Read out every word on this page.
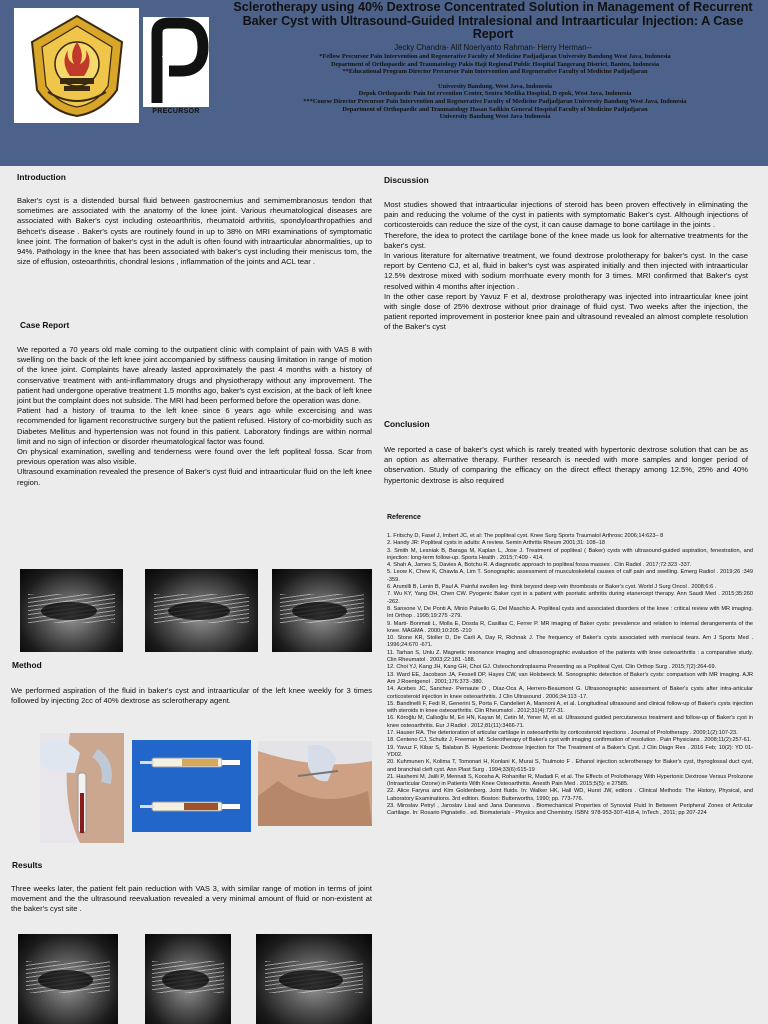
PRECURSOR
Sclerotherapy using 40% Dextrose Concentrated Solution in Management of Recurrent Baker Cyst with Ultrasound-Guided Intralesional and Intraarticular Injection: A Case Report
Jecky Chandra- Alif Noeriyanto Rahman- Herry Herman--
*Fellow Precursor Pain Intervention and Regenerative Faculty of Medicine Padjadjaran University Bandung West Java, Indonesia
Department of Orthopaedic and Traumatology Pakis Haji Regional Public Hospital Tangerang District, Banten, Indonesia
**Educational Program Director Precursor Pain Intervention and Regenerative Faculty of Medicine Padjadjaran
University Bandung, West Java, Indonesia
Depok Orthopaedic Pain Int ervention Center, Sentra Medika Hospital, D epok, West Java, Indonesia
***Course Director Precursor Pain Intervention and Regenerative Faculty of Medicine Padjadjaran University Bandung West Java, Indonesia
Department of Orthopaedic and Traumatology Hasan Sadikin General Hospital Faculty of Medicine Padjadjaran
University Bandung West Java Indonesia
Introduction
Baker's cyst is a distended bursal fluid between gastrocnemius and semimembranosus tendon that sometimes are associated with the anatomy of the knee joint. Various rheumatological diseases are associated with Baker's cyst including osteoarthritis, rheumatoid arthritis, spondyloarthropathies and Behcet's disease . Baker's cysts are routinely found in up to 38% on MRI examinations of symptomatic knee joint. The formation of baker's cyst in the adult is often found with intraarticular abnormalities, up to 94%. Pathology in the knee that has been associated with baker's cyst including their meniscus tom, the size of effusion, osteoarthritis, chondral lesions , inflammation of the joints and ACL tear .
Case Report

We reported a 70 years old male coming to the outpatient clinic with complaint of pain with VAS 8 with swelling on the back of the left knee joint accompanied by stiffness causing limitation in range of motion of the knee joint. Complaints have already lasted approximately the past 4 months with a history of conservative treatment with anti-inflammatory drugs and physiotherapy without any improvement. The patient had undergone operative treatment 1.5 months ago, baker's cyst excision, at the back of left knee joint but the complaint does not subside. The MRI had been performed before the operation was done.

Patient had a history of trauma to the left knee since 6 years ago while excercising and was recommended for ligament reconstructive surgery but the patient refused. History of co-morbidity such as Diabetes Mellitus and hypertension was not found in this patient. Laboratory findings are within normal limit and no sign of infection or disorder rheumatological factor was found.

On physical examination, swelling and tenderness were found over the left popliteal fossa. Scar from previous operation was also visible.

Ultrasound examination revealed the presence of Baker's cyst fluid and intraarticular fluid on the left knee region.

Method
We performed aspiration of the fluid in baker's cyst and intraarticular of the left knee weekly for 3 times followed by injecting 2cc of 40% dextrose as sclerotherapy agent.
Results
Three weeks later, the patient felt pain reduction with VAS 3, with similar range of motion in terms of joint movement and the the ultrasound reevaluation revealed a very minimal amount of fluid or non-existent at the baker's cyst site .
Discussion

Most studies showed that intraarticular injections of steroid has been proven effectively in eliminating the pain and reducing the volume of the cyst in patients with symptomatic Baker's cyst. Although injections of corticosteroids can reduce the size of the cyst, it can cause damage to bone cartilage in the joints .

Therefore, the idea to protect the cartilage bone of the knee made us look for alternative treatments for the baker's cyst.

In various literature for alternative treatment, we found dextrose prolotherapy for baker's cyst. In the case report by Centeno CJ, et al, fluid in baker's cyst was aspirated initially and then injected with intraarticular 12.5% dextrose mixed with sodium morrhuate every month for 3 times. MRI confirmed that Baker's cyst resolved within 4 months after injection .

In the other case report by Yavuz F et al, dextrose prolotherapy was injected into intraarticular knee joint with single dose of 25% dextrose without prior drainage of fluid cyst. Two weeks after the injection, the patient reported improvement in posterior knee pain and ultrasound revealed an almost complete resolution of the Baker's cyst

Conclusion
We reported a case of baker's cyst which is rarely treated with hypertonic dextrose solution that can be as an option as alternative therapy. Further research is needed with more samples and longer period of observation. Study of comparing the efficacy on the direct effect therapy among 12.5%, 25% and 40% hypertonic dextrose is also required
Reference
1. Fritschy D, Fasel J, Imbert JC, et al: The popliteal cyst. Knee Surg Sports Traumatol Arthrosc 2006;14:623– 8
2. Handy JR: Popliteal cysts in adults: A review. Semin Arthritis Rheum 2001;31: 108–18
3. Smith M, Lesniak B, Baraga M, Kaplan L, Jose J. Treatment of popliteal ( Baker) cysts with ultrasound-guided aspiration, fenestration, and injection: long-term follow-up. Sports Health . 2015;7:409 - 414.
4. Shah A, James S, Davies A, Botchu R. A diagnostic approach to popliteal fossa masses . Clin Radiol . 2017;72:323 -337.
5. Leow K, Chew K, Chawla A, Lim T. Sonographic assessment of musculoskeletal causes of calf pain and swelling. Emerg Radiol . 2019;26 :349 -359.
6. Arumilli B, Lenin B, Paul A. Painful swollen leg- think beyond deep vein thrombosis or Baker's cyst. World J Surg Oncol . 2008;6:6 .
7. Wu KY, Yang DH, Chen CW. Pyogenic Baker cyst in a patient with psoriatic arthritis during etanercept therapy. Ann Saudi Med . 2015;35:260 -262.
8. Sansone V, De Ponti A, Minio Paluello G, Del Maschio A. Popliteal cysts and associated disorders of the knee : critical review with MR imaging. Int Orthop . 1995;19:275 -279.
9. Marti- Bonmati L, Molla E, Dosda R, Casillas C, Ferrer P. MR imaging of Baker cysts: prevalence and relation to internal derangements of the knee. MAGMA . 2000;10:205 -210
10. Stone KR, Stoller D, De Carli A, Day R, Richnak J. The frequency of Baker's cysts associated with meniscal tears. Am J Sports Med . 1996;24:670 -671.
11. Tarhan S, Unlu Z. Magnetic resonance imaging and ultrasonographic evaluation of the patients with knee osteoarthritis : a comparative study. Clin Rheumatol . 2003;22:181 -188.
12. Choi YJ, Kang JH, Kang GH, Choi GJ. Osteochondroplasma Presenting as a Popliteal Cyst. Clin Orthop Surg . 2015;7(2):264-69.
13. Ward EE, Jacobson JA, Fessell DP, Hayes CW, van Holsbeeck M. Sonographic detection of Baker's cysts: comparison with MR imaging. AJR Am J Roentgenol . 2001;176:373 -380.
14. Acebes JC, Sanchez- Pernaute O , Diaz-Oca A, Herrero-Beaumont G. Ultrasonographic assessment of Baker's cysts after intra-articular corticosteroid injection in knee osteoarthritis. J Clin Ultrasound . 2006;34:113 -17.
15. Bandinelli F, Fedi R, Generini S, Porta F, Candelieri A, Mannoni A, et al. Longitudinal ultrasound and clinical follow-up of Baker's cysts injection with steroids in knee osteoarthritis. Clin Rheumatol . 2012;31(4):727-31.
16. Köroğlu M, Callıoğlu M, Eri HN, Kayan M, Cetin M, Yener M, et al. Ultrasound guided percutaneous treatment and follow-up of Baker's cyst in knee osteoarthritis. Eur J Radiol . 2012;81(11):3466-71.
17. Hauser RA. The deterioration of articular cartilage in osteoarthritis by corticosteroid injections . Journal of Prolotherapy . 2009;1(2):107-23.
18. Centeno CJ, Schultz J, Freeman M. Sclerotherapy of Baker's cyst with imaging confirmation of resolution . Pain Physicians . 2008;11(2):257-61.
19. Yavuz F, Kibar S, Balaban B. Hyperionic Dextrose Injection for The Treatment of a Baker's Cyst. J Clin Diagn Res . 2016 Feb; 10(2): YD 01-YD02.
20. Kuhmunen K, Kolima T, Tomonari H, Konlani K, Murai S, Tsulmoto F . Ethanol injection sclerotherapy for Baker's cyst, thyroglossal duct cyst, and branchial cleft cyst. Ann Plast Surg . 1994;33(6):615-19
21. Hashemi M, Jalili P, Mennati S, Koosha A, Rohanifar R, Madadi F, et al. The Effects of Prolotherapy With Hypertonic Dextrose Versus Prolozone (Intraarticular Ozone) in Patients With Knee Osteoarthritis. Anesth Pain Med . 2015;5(5): e 27585.
22. Alice Faryna and Kim Goldenberg. Joint fluids. In: Walker HK, Hall WD, Hurst JW, editors . Clinical Methods: The History, Physical, and Laboratory Examinations. 3rd edition. Boston: Butterworths, 1990; pp. 773-776.
23. Miroslav Petryl , Jaroslav Lisal and Jana Danesova . Biomechanical Properties of Synovial Fluid In Between Peripheral Zones of Articular Cartilage. In: Rosario Pignatello . ed. Biomaterials - Physics and Chemistry. ISBN: 978-953-307-418-4, InTech , 2011; pp 207-224
